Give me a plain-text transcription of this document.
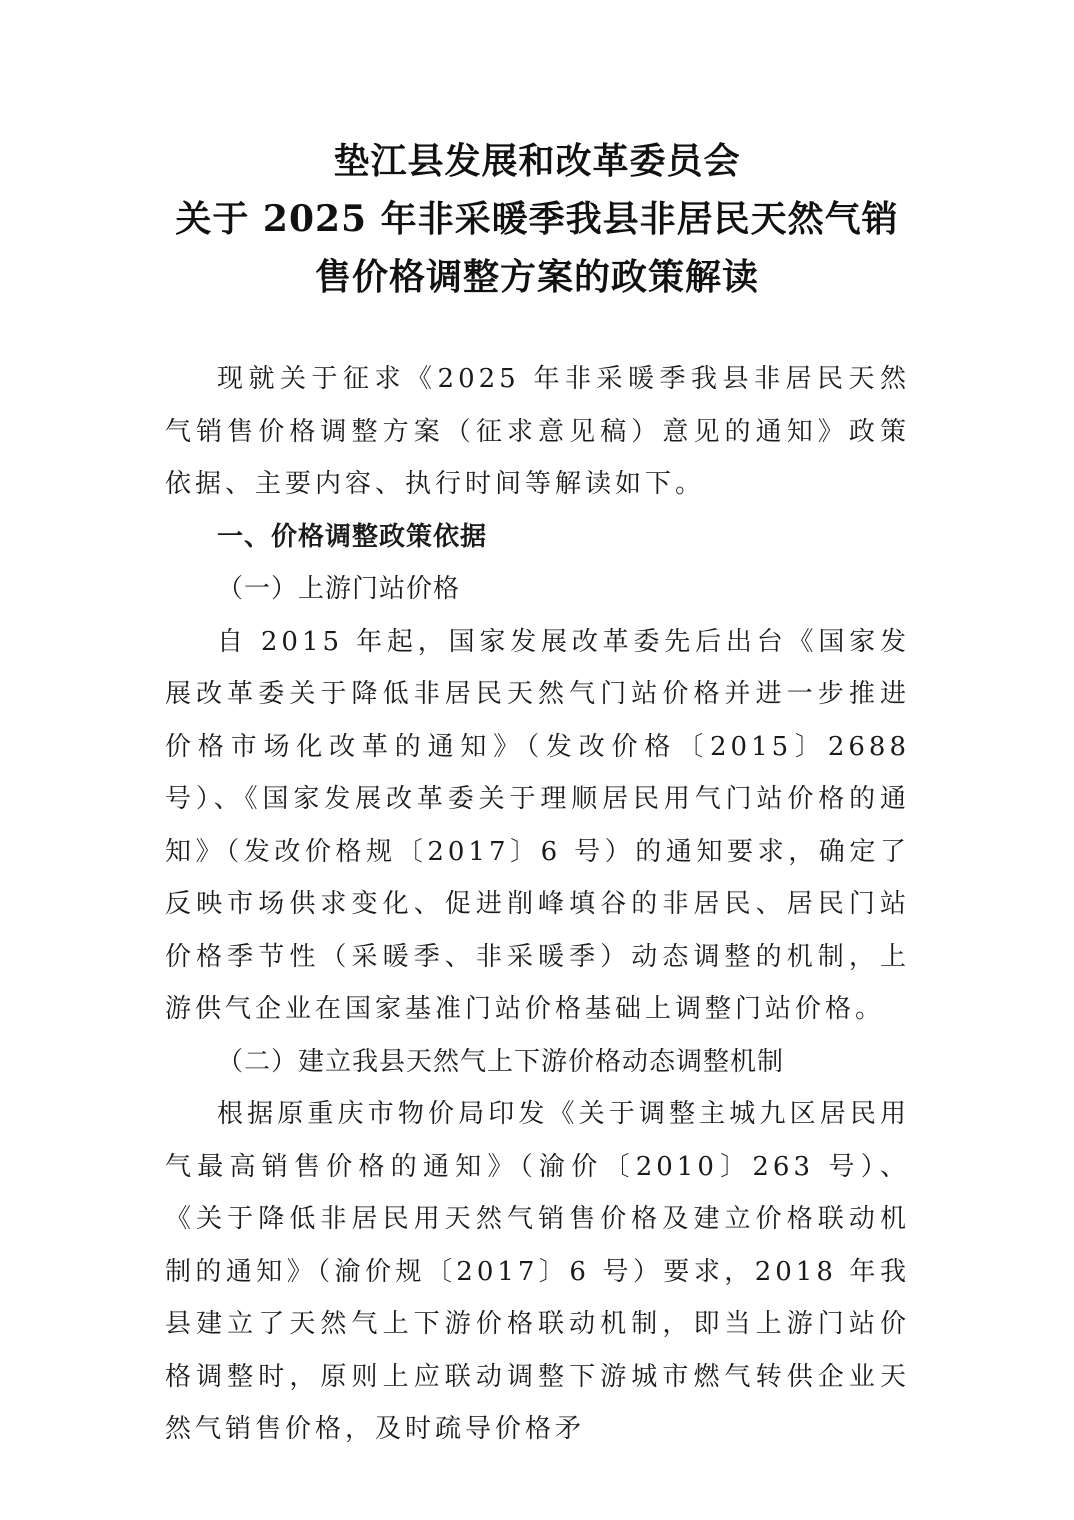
垫江县发展和改革委员会
关于 2025 年非采暖季我县非居民天然气销
售价格调整方案的政策解读

现就关于征求《2025 年非采暖季我县非居民天然气销售价格调整方案（征求意见稿）意见的通知》政策依据、主要内容、执行时间等解读如下。

一、价格调整政策依据

（一）上游门站价格

自 2015 年起，国家发展改革委先后出台《国家发展改革委关于降低非居民天然气门站价格并进一步推进价格市场化改革的通知》（发改价格〔2015〕2688 号）、《国家发展改革委关于理顺居民用气门站价格的通知》（发改价格规〔2017〕6 号）的通知要求，确定了反映市场供求变化、促进削峰填谷的非居民、居民门站价格季节性（采暖季、非采暖季）动态调整的机制，上游供气企业在国家基准门站价格基础上调整门站价格。

（二）建立我县天然气上下游价格动态调整机制

根据原重庆市物价局印发《关于调整主城九区居民用气最高销售价格的通知》（渝价〔2010〕263 号）、《关于降低非居民用天然气销售价格及建立价格联动机制的通知》（渝价规〔2017〕6 号）要求，2018 年我县建立了天然气上下游价格联动机制，即当上游门站价格调整时，原则上应联动调整下游城市燃气转供企业天然气销售价格，及时疏导价格矛
